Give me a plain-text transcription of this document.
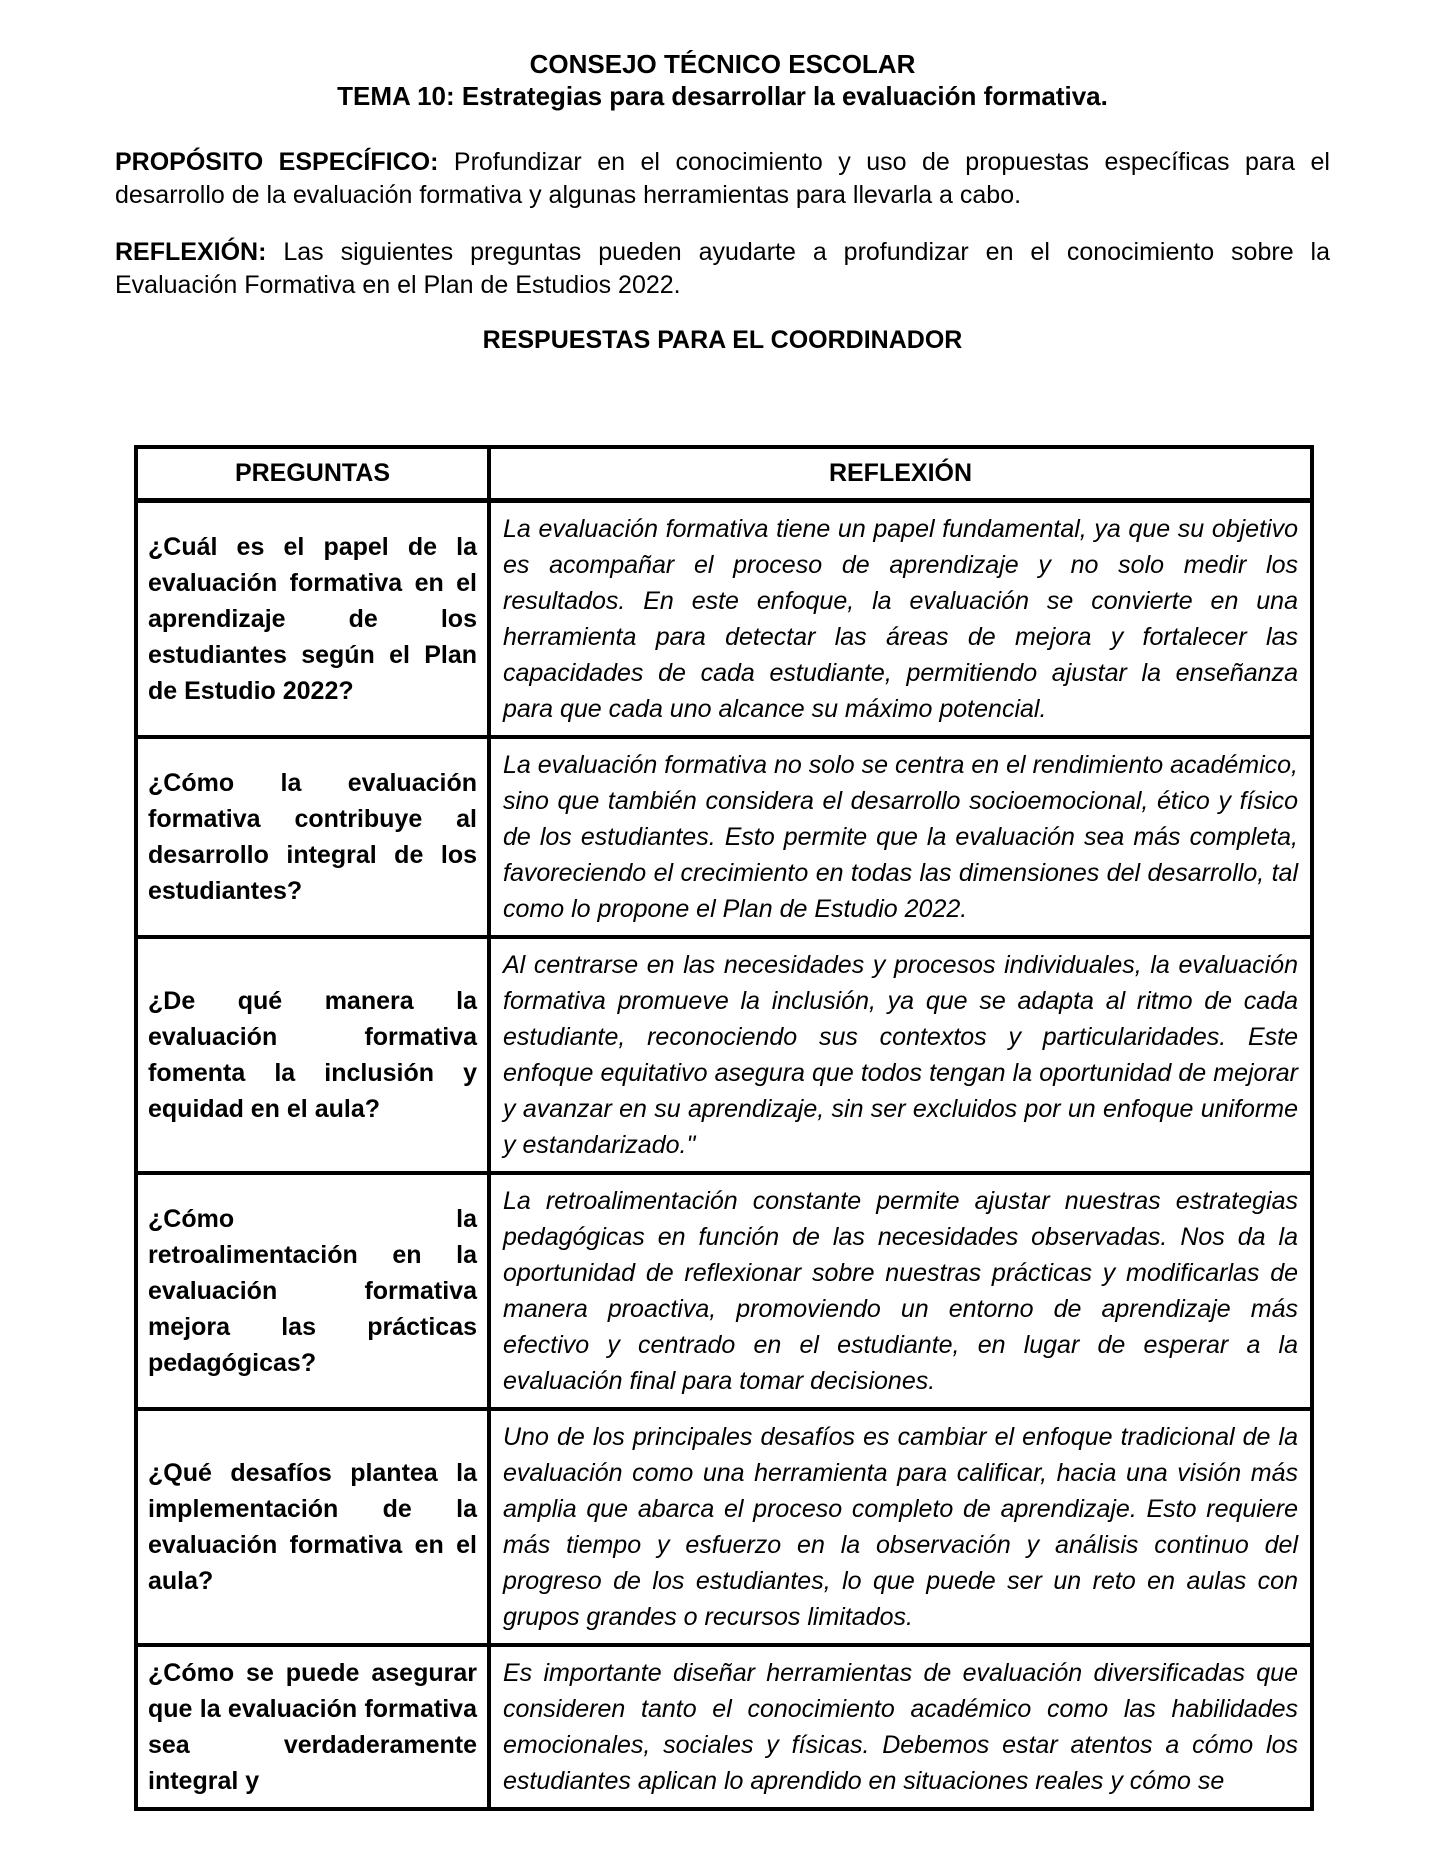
CONSEJO TÉCNICO ESCOLAR
TEMA 10: Estrategias para desarrollar la evaluación formativa.

PROPÓSITO ESPECÍFICO: Profundizar en el conocimiento y uso de propuestas específicas para el desarrollo de la evaluación formativa y algunas herramientas para llevarla a cabo.

REFLEXIÓN: Las siguientes preguntas pueden ayudarte a profundizar en el conocimiento sobre la Evaluación Formativa en el Plan de Estudios 2022.

RESPUESTAS PARA EL COORDINADOR
PREGUNTAS	REFLEXIÓN
¿Cuál es el papel de la evaluación formativa en el aprendizaje de los estudiantes según el Plan de Estudio 2022?	La evaluación formativa tiene un papel fundamental, ya que su objetivo es acompañar el proceso de aprendizaje y no solo medir los resultados. En este enfoque, la evaluación se convierte en una herramienta para detectar las áreas de mejora y fortalecer las capacidades de cada estudiante, permitiendo ajustar la enseñanza para que cada uno alcance su máximo potencial.
¿Cómo la evaluación formativa contribuye al desarrollo integral de los estudiantes?	La evaluación formativa no solo se centra en el rendimiento académico, sino que también considera el desarrollo socioemocional, ético y físico de los estudiantes. Esto permite que la evaluación sea más completa, favoreciendo el crecimiento en todas las dimensiones del desarrollo, tal como lo propone el Plan de Estudio 2022.
¿De qué manera la evaluación formativa fomenta la inclusión y equidad en el aula?	Al centrarse en las necesidades y procesos individuales, la evaluación formativa promueve la inclusión, ya que se adapta al ritmo de cada estudiante, reconociendo sus contextos y particularidades. Este enfoque equitativo asegura que todos tengan la oportunidad de mejorar y avanzar en su aprendizaje, sin ser excluidos por un enfoque uniforme y estandarizado."
¿Cómo la retroalimentación en la evaluación formativa mejora las prácticas pedagógicas?	La retroalimentación constante permite ajustar nuestras estrategias pedagógicas en función de las necesidades observadas. Nos da la oportunidad de reflexionar sobre nuestras prácticas y modificarlas de manera proactiva, promoviendo un entorno de aprendizaje más efectivo y centrado en el estudiante, en lugar de esperar a la evaluación final para tomar decisiones.
¿Qué desafíos plantea la implementación de la evaluación formativa en el aula?	Uno de los principales desafíos es cambiar el enfoque tradicional de la evaluación como una herramienta para calificar, hacia una visión más amplia que abarca el proceso completo de aprendizaje. Esto requiere más tiempo y esfuerzo en la observación y análisis continuo del progreso de los estudiantes, lo que puede ser un reto en aulas con grupos grandes o recursos limitados.
¿Cómo se puede asegurar que la evaluación formativa sea verdaderamente integral y	Es importante diseñar herramientas de evaluación diversificadas que consideren tanto el conocimiento académico como las habilidades emocionales, sociales y físicas. Debemos estar atentos a cómo los estudiantes aplican lo aprendido en situaciones reales y cómo se
